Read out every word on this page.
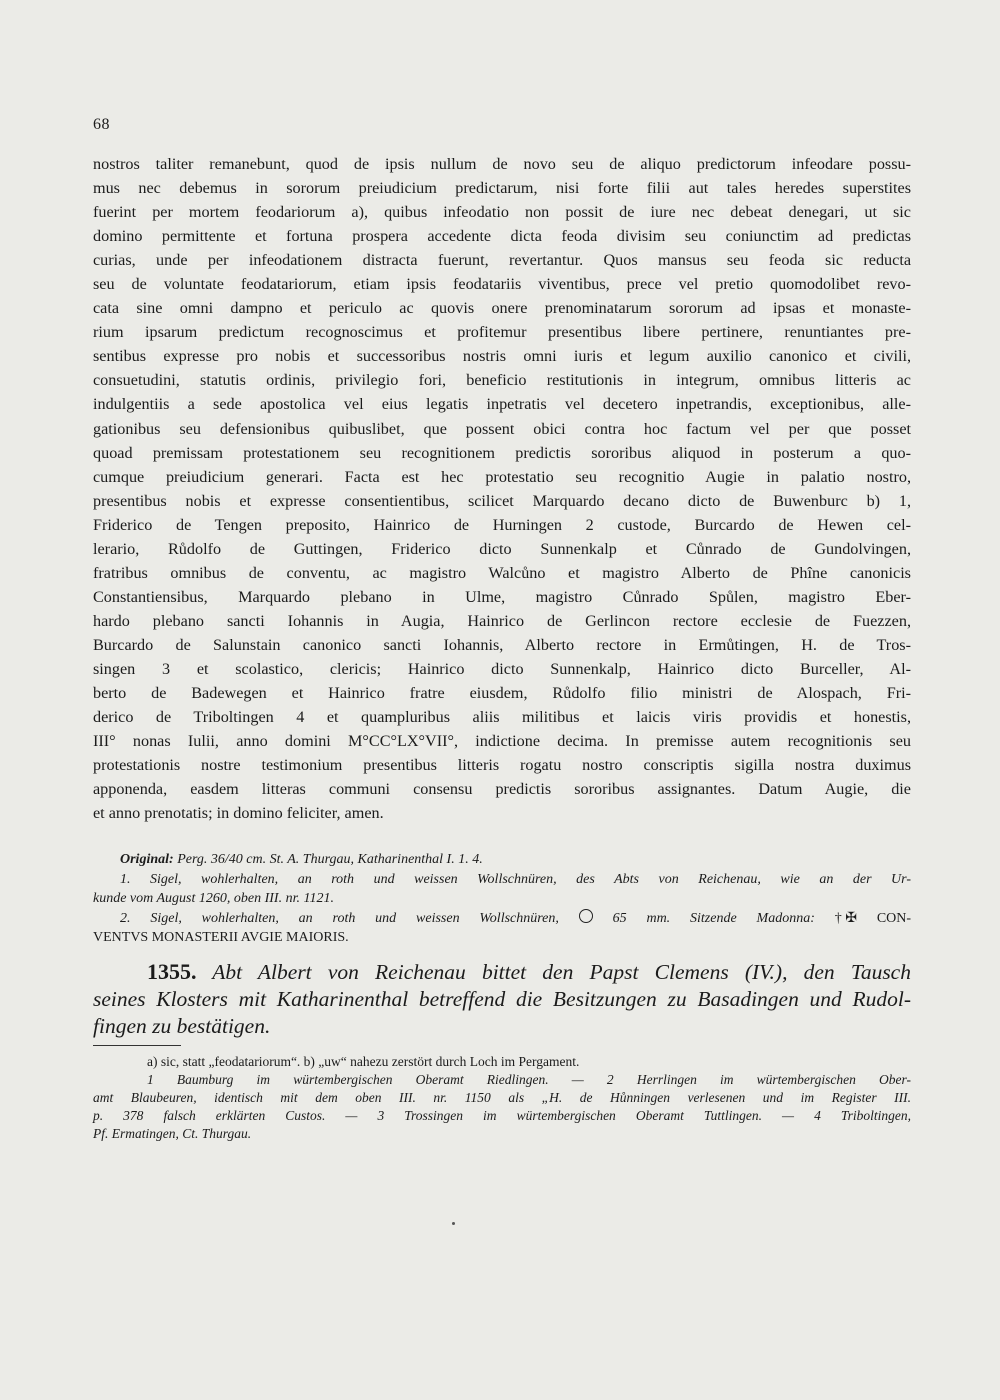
68
nostros taliter remanebunt, quod de ipsis nullum de novo seu de aliquo predictorum infeodare possu-
mus nec debemus in sororum preiudicium predictarum, nisi forte filii aut tales heredes superstites
fuerint per mortem feodariorum a), quibus infeodatio non possit de iure nec debeat denegari, ut sic
domino permittente et fortuna prospera accedente dicta feoda divisim seu coniunctim ad predictas
curias, unde per infeodationem distracta fuerunt, revertantur. Quos mansus seu feoda sic reducta
seu de voluntate feodatariorum, etiam ipsis feodatariis viventibus, prece vel pretio quomodolibet revo-
cata sine omni dampno et periculo ac quovis onere prenominatarum sororum ad ipsas et monaste-
rium ipsarum predictum recognoscimus et profitemur presentibus libere pertinere, renuntiantes pre-
sentibus expresse pro nobis et successoribus nostris omni iuris et legum auxilio canonico et civili,
consuetudini, statutis ordinis, privilegio fori, beneficio restitutionis in integrum, omnibus litteris ac
indulgentiis a sede apostolica vel eius legatis inpetratis vel decetero inpetrandis, exceptionibus, alle-
gationibus seu defensionibus quibuslibet, que possent obici contra hoc factum vel per que posset
quoad premissam protestationem seu recognitionem predictis sororibus aliquod in posterum a quo-
cumque preiudicium generari. Facta est hec protestatio seu recognitio Augie in palatio nostro,
presentibus nobis et expresse consentientibus, scilicet Marquardo decano dicto de Buwenburc b) 1,
Friderico de Tengen preposito, Hainrico de Hurningen 2 custode, Burcardo de Hewen cel-
lerario, Růdolfo de Guttingen, Friderico dicto Sunnenkalp et Cůnrado de Gundolvingen,
fratribus omnibus de conventu, ac magistro Walcůno et magistro Alberto de Phîne canonicis
Constantiensibus, Marquardo plebano in Ulme, magistro Cůnrado Spůlen, magistro Eber-
hardo plebano sancti Iohannis in Augia, Hainrico de Gerlincon rectore ecclesie de Fuezzen,
Burcardo de Salunstain canonico sancti Iohannis, Alberto rectore in Ermůtingen, H. de Tros-
singen 3 et scolastico, clericis; Hainrico dicto Sunnenkalp, Hainrico dicto Burceller, Al-
berto de Badewegen et Hainrico fratre eiusdem, Růdolfo filio ministri de Alospach, Fri-
derico de Triboltingen 4 et quampluribus aliis militibus et laicis viris providis et honestis,
III° nonas Iulii, anno domini M°CC°LX°VII°, indictione decima. In premisse autem recognitionis seu
protestationis nostre testimonium presentibus litteris rogatu nostro conscriptis sigilla nostra duximus
apponenda, easdem litteras communi consensu predictis sororibus assignantes. Datum Augie, die
et anno prenotatis; in domino feliciter, amen.
Original: Perg. 36/40 cm. St. A. Thurgau, Katharinenthal I. 1. 4.
1. Sigel, wohlerhalten, an roth und weissen Wollschnüren, des Abts von Reichenau, wie an der Ur-
kunde vom August 1260, oben III. nr. 1121.
2. Sigel, wohlerhalten, an roth und weissen Wollschnüren,	65 mm. Sitzende Madonna: † ✠ CON-
VENTVS MONASTERII AVGIE MAIORIS.
1355. Abt Albert von Reichenau bittet den Papst Clemens (IV.), den Tausch
seines Klosters mit Katharinenthal betreffend die Besitzungen zu Basadingen und Rudol-
fingen zu bestätigen.
a) sic, statt „feodatariorum“. b) „uw“ nahezu zerstört durch Loch im Pergament.
1 Baumburg im würtembergischen Oberamt Riedlingen. — 2 Herrlingen im würtembergischen Ober-
amt Blaubeuren, identisch mit dem oben III. nr. 1150 als „H. de Hůnningen verlesenen und im Register III.
p. 378 falsch erklärten Custos. — 3 Trossingen im würtembergischen Oberamt Tuttlingen. — 4 Triboltingen,
Pf. Ermatingen, Ct. Thurgau.
